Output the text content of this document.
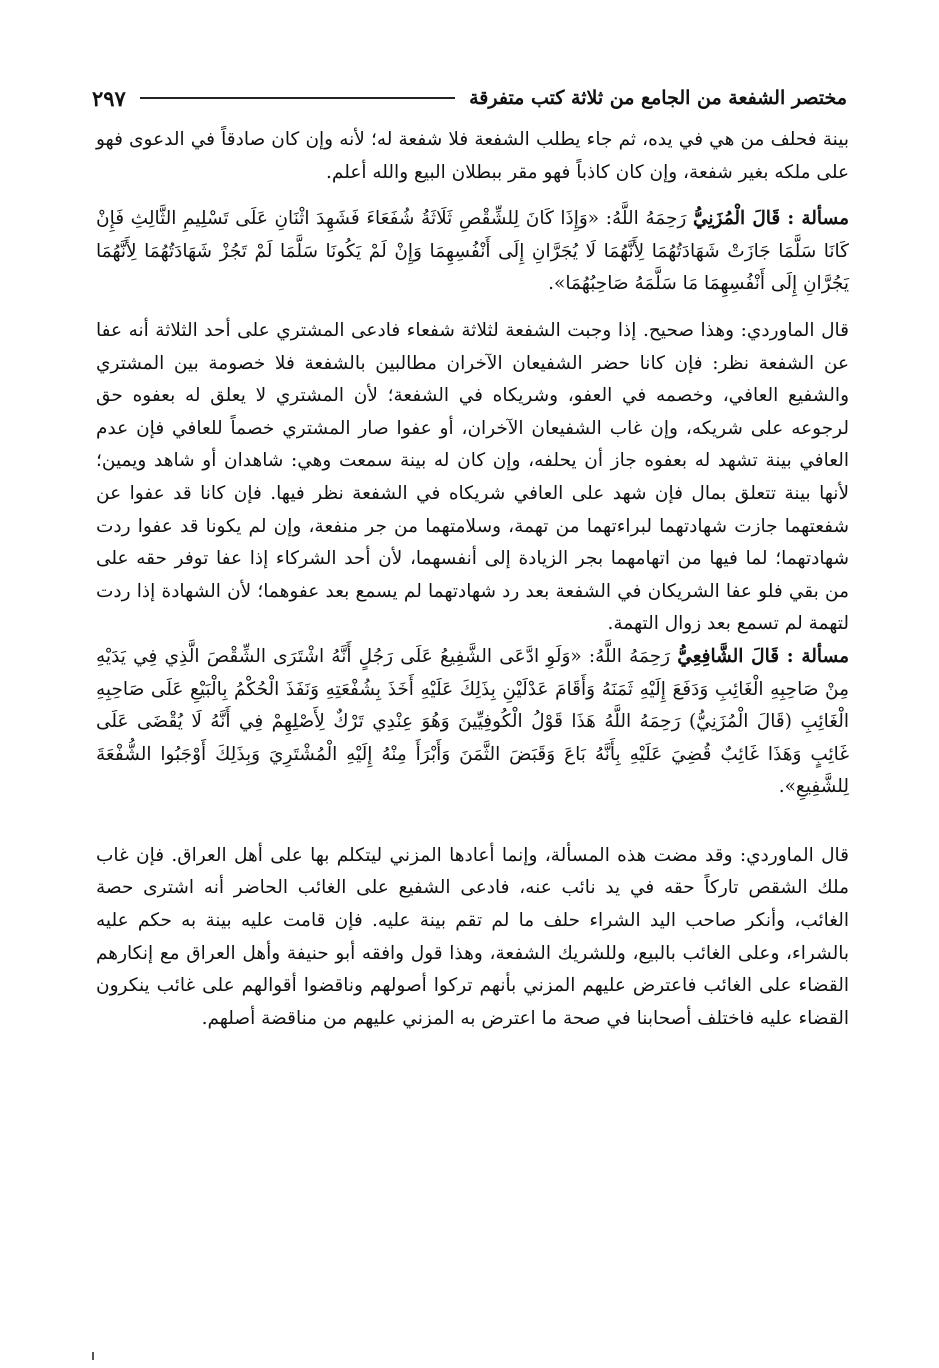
مختصر الشفعة من الجامع من ثلاثة كتب متفرقة
٢٩٧

بينة فحلف من هي في يده، ثم جاء يطلب الشفعة فلا شفعة له؛ لأنه وإن كان صادقاً في الدعوى فهو على ملكه بغير شفعة، وإن كان كاذباً فهو مقر ببطلان البيع والله أعلم.

مسألة : قَالَ الْمُزَنِيُّ رَحِمَهُ اللَّهُ: «وَإِذَا كَانَ لِلشِّقْصِ ثَلَاثَةُ شُفَعَاءَ فَشَهِدَ اثْنَانِ عَلَى تَسْلِيمِ الثَّالِثِ فَإِنْ كَانَا سَلَّمَا جَازَتْ شَهَادَتُهُمَا لِأَنَّهُمَا لَا يُجَرَّانِ إِلَى أَنْفُسِهِمَا وَإِنْ لَمْ يَكُونَا سَلَّمَا لَمْ تَجُزْ شَهَادَتُهُمَا لِأَنَّهُمَا يَجُرَّانِ إِلَى أَنْفُسِهِمَا مَا سَلَّمَهُ صَاحِبُهُمَا».

قال الماوردي: وهذا صحيح. إذا وجبت الشفعة لثلاثة شفعاء فادعى المشتري على أحد الثلاثة أنه عفا عن الشفعة نظر: فإن كانا حضر الشفيعان الآخران مطالبين بالشفعة فلا خصومة بين المشتري والشفيع العافي، وخصمه في العفو، وشريكاه في الشفعة؛ لأن المشتري لا يعلق له بعفوه حق لرجوعه على شريكه، وإن غاب الشفيعان الآخران، أو عفوا صار المشتري خصماً للعافي فإن عدم العافي بينة تشهد له بعفوه جاز أن يحلفه، وإن كان له بينة سمعت وهي: شاهدان أو شاهد ويمين؛ لأنها بينة تتعلق بمال فإن شهد على العافي شريكاه في الشفعة نظر فيها. فإن كانا قد عفوا عن شفعتهما جازت شهادتهما لبراءتهما من تهمة، وسلامتهما من جر منفعة، وإن لم يكونا قد عفوا ردت شهادتهما؛ لما فيها من اتهامهما بجر الزيادة إلى أنفسهما، لأن أحد الشركاء إذا عفا توفر حقه على من بقي فلو عفا الشريكان في الشفعة بعد رد شهادتهما لم يسمع بعد عفوهما؛ لأن الشهادة إذا ردت لتهمة لم تسمع بعد زوال التهمة.

مسألة : قَالَ الشَّافِعِيُّ رَحِمَهُ اللَّهُ: «وَلَوِ ادَّعَى الشَّفِيعُ عَلَى رَجُلٍ أَنَّهُ اشْتَرَى الشِّقْصَ الَّذِي فِي يَدَيْهِ مِنْ صَاحِبِهِ الْغَائِبِ وَدَفَعَ إِلَيْهِ ثَمَنَهُ وَأَقَامَ عَدْلَيْنِ بِذَلِكَ عَلَيْهِ أَخَذَ بِشُفْعَتِهِ وَنَفَذَ الْحُكْمُ بِالْبَيْعِ عَلَى صَاحِبِهِ الْغَائِبِ (قَالَ الْمُزَنِيُّ) رَحِمَهُ اللَّهُ هَذَا قَوْلُ الْكُوفِيِّينَ وَهُوَ عِنْدِي تَرْكٌ لِأَصْلِهِمْ فِي أَنَّهُ لَا يُقْضَى عَلَى غَائِبٍ وَهَذَا غَائِبٌ قُضِيَ عَلَيْهِ بِأَنَّهُ بَاعَ وَقَبَضَ الثَّمَنَ وَأَبْرَأَ مِنْهُ إِلَيْهِ الْمُشْتَرِيَ وَبِذَلِكَ أَوْجَبُوا الشُّفْعَةَ لِلشَّفِيعِ».

قال الماوردي: وقد مضت هذه المسألة، وإنما أعادها المزني ليتكلم بها على أهل العراق. فإن غاب ملك الشقص تاركاً حقه في يد نائب عنه، فادعى الشفيع على الغائب الحاضر أنه اشترى حصة الغائب، وأنكر صاحب اليد الشراء حلف ما لم تقم بينة عليه. فإن قامت عليه بينة به حكم عليه بالشراء، وعلى الغائب بالبيع، وللشريك الشفعة، وهذا قول وافقه أبو حنيفة وأهل العراق مع إنكارهم القضاء على الغائب فاعترض عليهم المزني بأنهم تركوا أصولهم وناقضوا أقوالهم على غائب ينكرون القضاء عليه فاختلف أصحابنا في صحة ما اعترض به المزني عليهم من مناقضة أصلهم.
